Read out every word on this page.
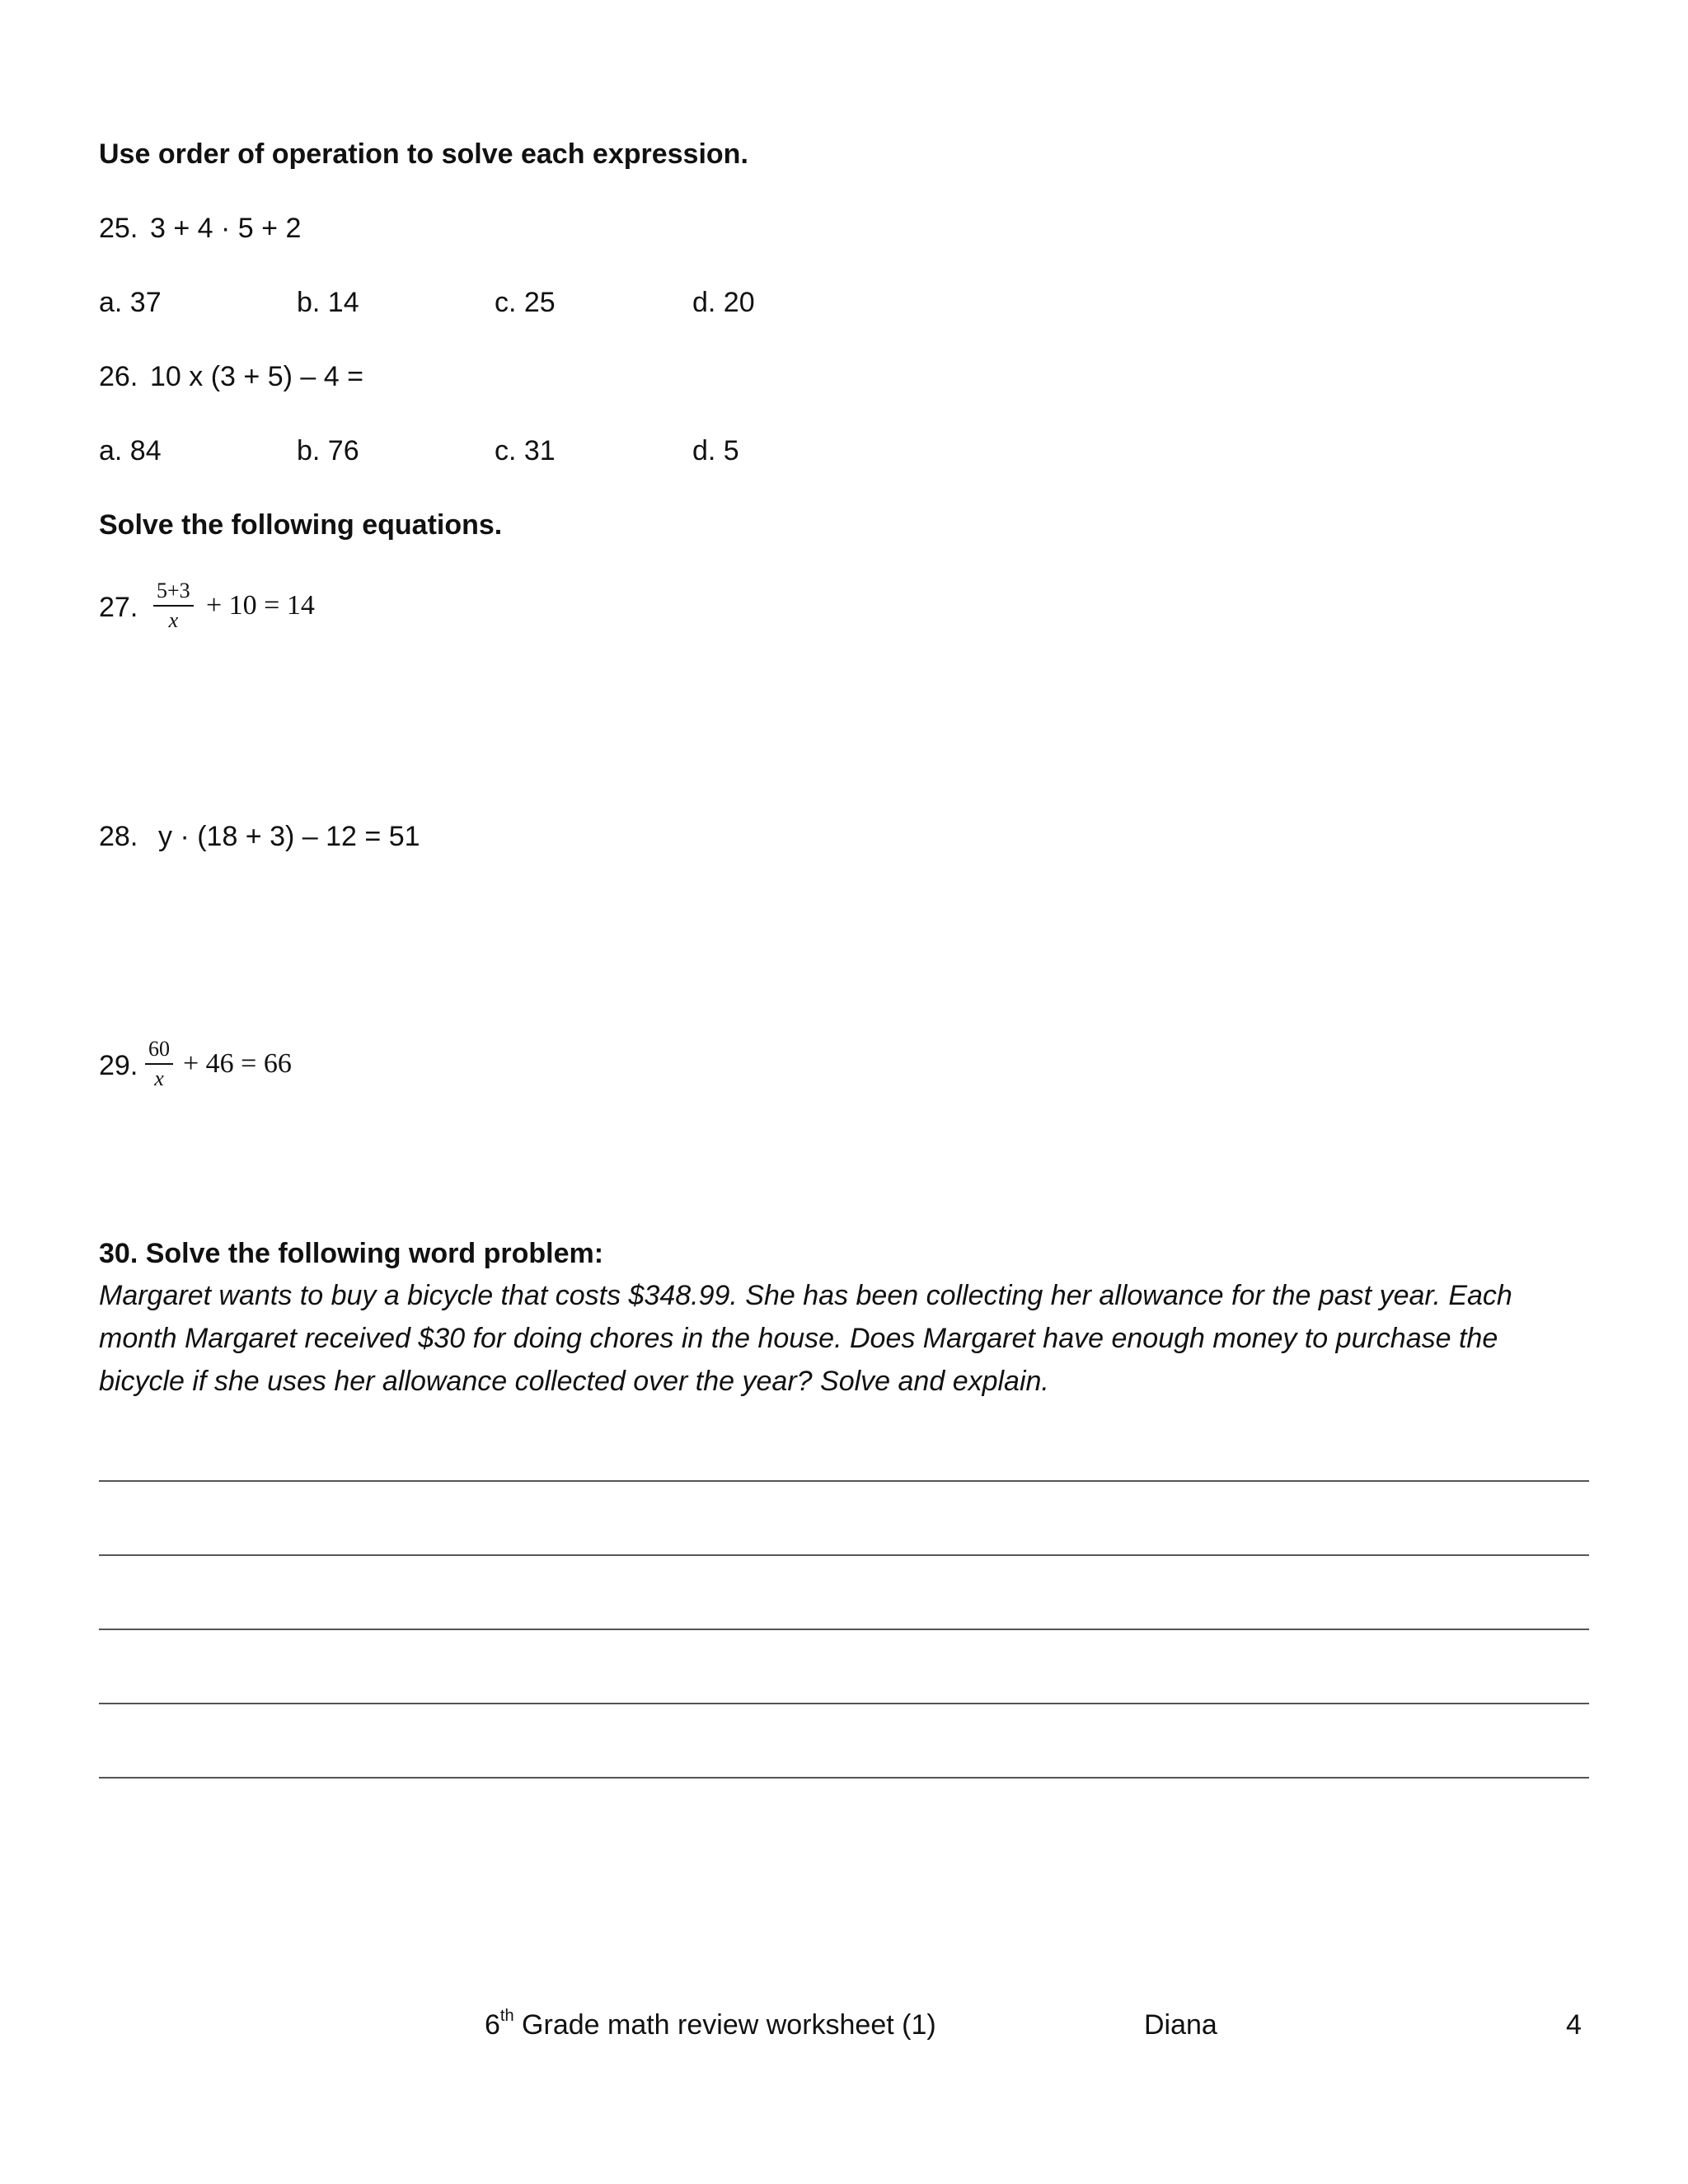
Use order of operation to solve each expression.
25. 3 + 4 · 5 + 2
a. 37	b. 14	c. 25	d. 20
26. 10 x (3 + 5) – 4 =
a. 84	b. 76	c. 31	d. 5
Solve the following equations.
27. $\frac{5+3}{x} + 10 = 14$
28. y · (18 + 3) – 12 = 51
29. $\frac{60}{x} + 46 = 66$
30. Solve the following word problem:
Margaret wants to buy a bicycle that costs $348.99. She has been collecting her allowance for the past year. Each month Margaret received $30 for doing chores in the house. Does Margaret have enough money to purchase the bicycle if she uses her allowance collected over the year? Solve and explain.
6th Grade math review worksheet (1)	Diana	4
